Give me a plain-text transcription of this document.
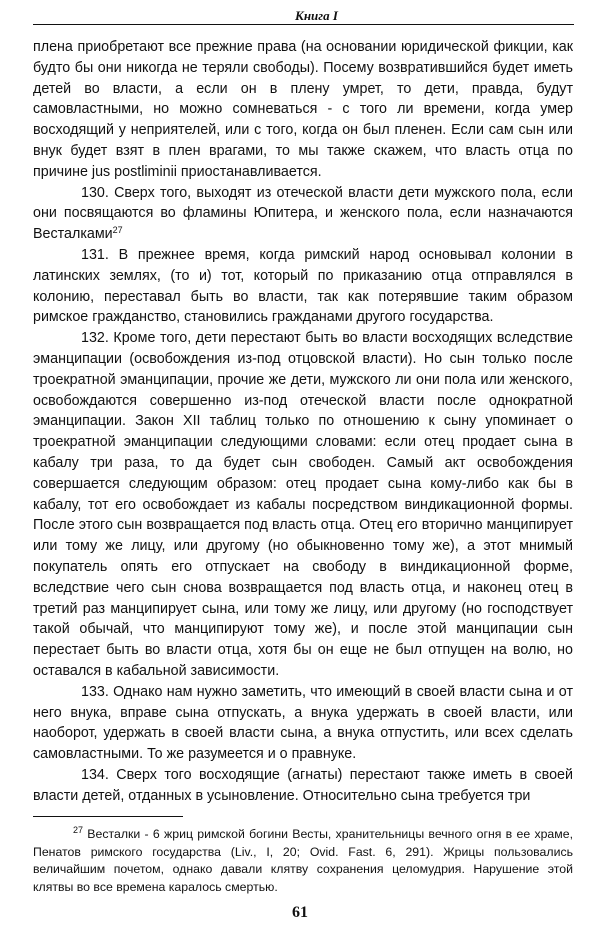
Книга I

плена приобретают все прежние права (на основании юридической фикции, как будто бы они никогда не теряли свободы). Посему возвратившийся будет иметь детей во власти, а если он в плену умрет, то дети, правда, будут самовластными, но можно сомневаться - с того ли времени, когда умер восходящий у неприятелей, или с того, когда он был пленен. Если сам сын или внук будет взят в плен врагами, то мы также скажем, что власть отца по причине jus postliminii приостанавливается.

130. Сверх того, выходят из отеческой власти дети мужского пола, если они посвящаются во фламины Юпитера, и женского пола, если назначаются Весталками$^{27}$

131. В прежнее время, когда римский народ основывал колонии в латинских землях, (то и) тот, который по приказанию отца отправлялся в колонию, переставал быть во власти, так как потерявшие таким образом римское гражданство, становились гражданами другого государства.

132. Кроме того, дети перестают быть во власти восходящих вследствие эманципации (освобождения из-под отцовской власти). Но сын только после троекратной эманципации, прочие же дети, мужского ли они пола или женского, освобождаются совершенно из-под отеческой власти после однократной эманципации. Закон XII таблиц только по отношению к сыну упоминает о троекратной эманципации следующими словами: если отец продает сына в кабалу три раза, то да будет сын свободен. Самый акт освобождения совершается следующим образом: отец продает сына кому-либо как бы в кабалу, тот его освобождает из кабалы посредством виндикационной формы. После этого сын возвращается под власть отца. Отец его вторично манципирует или тому же лицу, или другому (но обыкновенно тому же), а этот мнимый покупатель опять его отпускает на свободу в виндикационной форме, вследствие чего сын снова возвращается под власть отца, и наконец отец в третий раз манципирует сына, или тому же лицу, или другому (но господствует такой обычай, что манципируют тому же), и после этой манципации сын перестает быть во власти отца, хотя бы он еще не был отпущен на волю, но оставался в кабальной зависимости.

133. Однако нам нужно заметить, что имеющий в своей власти сына и от него внука, вправе сына отпускать, а внука удержать в своей власти, или наоборот, удержать в своей власти сына, а внука отпустить, или всех сделать самовластными. То же разумеется и о правнуке.

134. Сверх того восходящие (агнаты) перестают также иметь в своей власти детей, отданных в усыновление. Относительно сына требуется три

$^{27}$ Весталки - 6 жриц римской богини Весты, хранительницы вечного огня в ее храме, Пенатов римского государства (Liv., I, 20; Ovid. Fast. 6, 291). Жрицы пользовались величайшим почетом, однако давали клятву сохранения целомудрия. Нарушение этой клятвы во все времена каралось смертью.

61
